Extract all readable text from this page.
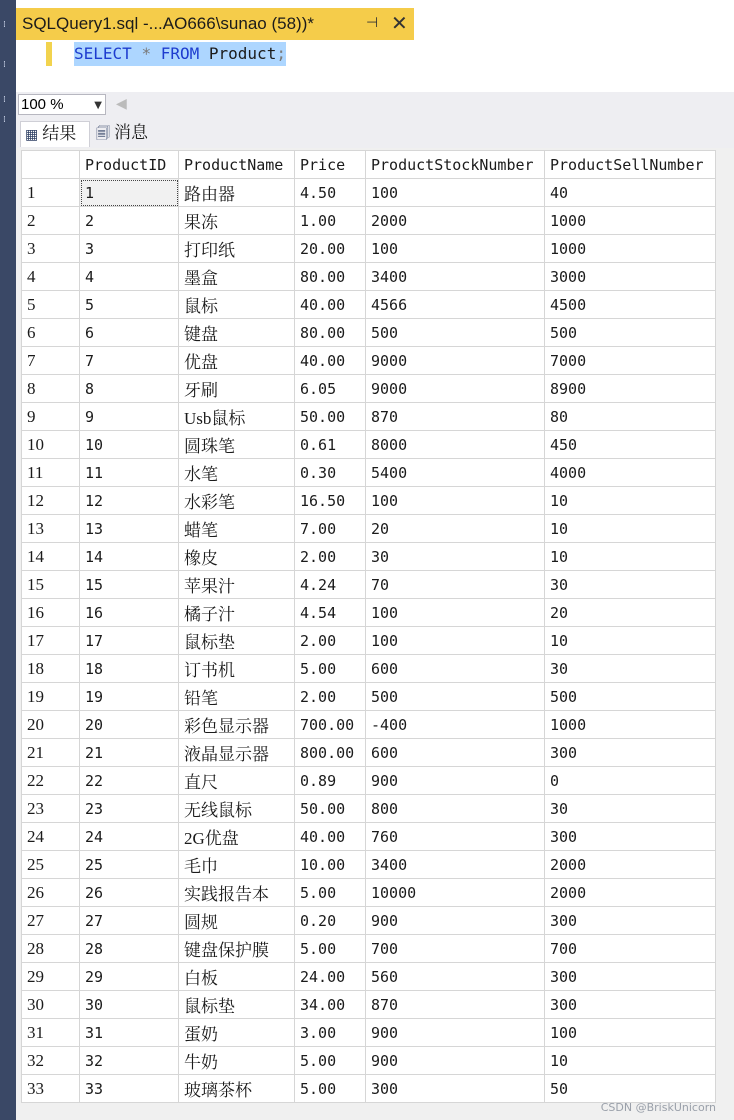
⁞
⁞
⁞
⁞
SQLQuery1.sql -...AO666\sunao (58))*	⊣ ✕
SELECT * FROM Product;
100 %	▼ ◀
▦ 结果	🗐 消息
	ProductID	ProductName	Price	ProductStockNumber	ProductSellNumber
1	1	路由器	4.50	100	40
2	2	果冻	1.00	2000	1000
3	3	打印纸	20.00	100	1000
4	4	墨盒	80.00	3400	3000
5	5	鼠标	40.00	4566	4500
6	6	键盘	80.00	500	500
7	7	优盘	40.00	9000	7000
8	8	牙刷	6.05	9000	8900
9	9	Usb鼠标	50.00	870	80
10	10	圆珠笔	0.61	8000	450
11	11	水笔	0.30	5400	4000
12	12	水彩笔	16.50	100	10
13	13	蜡笔	7.00	20	10
14	14	橡皮	2.00	30	10
15	15	苹果汁	4.24	70	30
16	16	橘子汁	4.54	100	20
17	17	鼠标垫	2.00	100	10
18	18	订书机	5.00	600	30
19	19	铅笔	2.00	500	500
20	20	彩色显示器	700.00	-400	1000
21	21	液晶显示器	800.00	600	300
22	22	直尺	0.89	900	0
23	23	无线鼠标	50.00	800	30
24	24	2G优盘	40.00	760	300
25	25	毛巾	10.00	3400	2000
26	26	实践报告本	5.00	10000	2000
27	27	圆规	0.20	900	300
28	28	键盘保护膜	5.00	700	700
29	29	白板	24.00	560	300
30	30	鼠标垫	34.00	870	300
31	31	蛋奶	3.00	900	100
32	32	牛奶	5.00	900	10
33	33	玻璃茶杯	5.00	300	50
CSDN @BriskUnicorn
